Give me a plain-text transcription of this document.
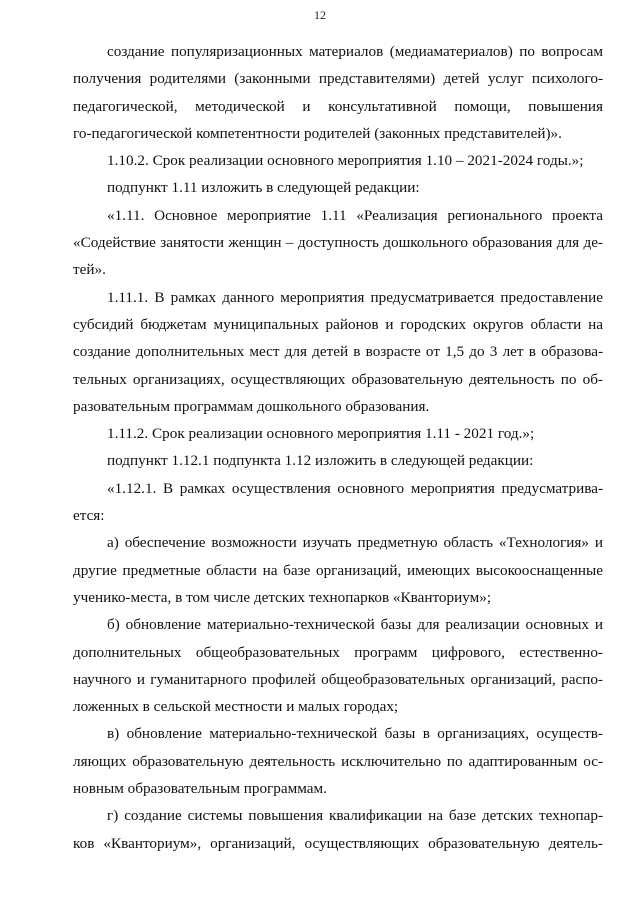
12
создание популяризационных материалов (медиаматериалов) по вопросам
получения родителями (законными представителями) детей услуг психолого-
педагогической, методической и консультативной помощи, повышения
го-педагогической компетентности родителей (законных представителей)».
1.10.2. Срок реализации основного мероприятия 1.10 – 2021-2024 годы.»;
подпункт 1.11 изложить в следующей редакции:
«1.11. Основное мероприятие 1.11 «Реализация регионального проекта
«Содействие занятости женщин – доступность дошкольного образования для де-
тей».
1.11.1. В рамках данного мероприятия предусматривается предоставление
субсидий бюджетам муниципальных районов и городских округов области на
создание дополнительных мест для детей в возрасте от 1,5 до 3 лет в образова-
тельных организациях, осуществляющих образовательную деятельность по об-
разовательным программам дошкольного образования.
1.11.2. Срок реализации основного мероприятия 1.11 - 2021 год.»;
подпункт 1.12.1 подпункта 1.12 изложить в следующей редакции:
«1.12.1. В рамках осуществления основного мероприятия предусматрива-
ется:
а) обеспечение возможности изучать предметную область «Технология» и
другие предметные области на базе организаций, имеющих высокооснащенные
ученико-места, в том числе детских технопарков «Кванториум»;
б) обновление материально-технической базы для реализации основных и
дополнительных общеобразовательных программ цифрового, естественно-
научного и гуманитарного профилей общеобразовательных организаций, распо-
ложенных в сельской местности и малых городах;
в) обновление материально-технической базы в организациях, осуществ-
ляющих образовательную деятельность исключительно по адаптированным ос-
новным образовательным программам.
г) создание системы повышения квалификации на базе детских технопар-
ков «Кванториум», организаций, осуществляющих образовательную деятель-
